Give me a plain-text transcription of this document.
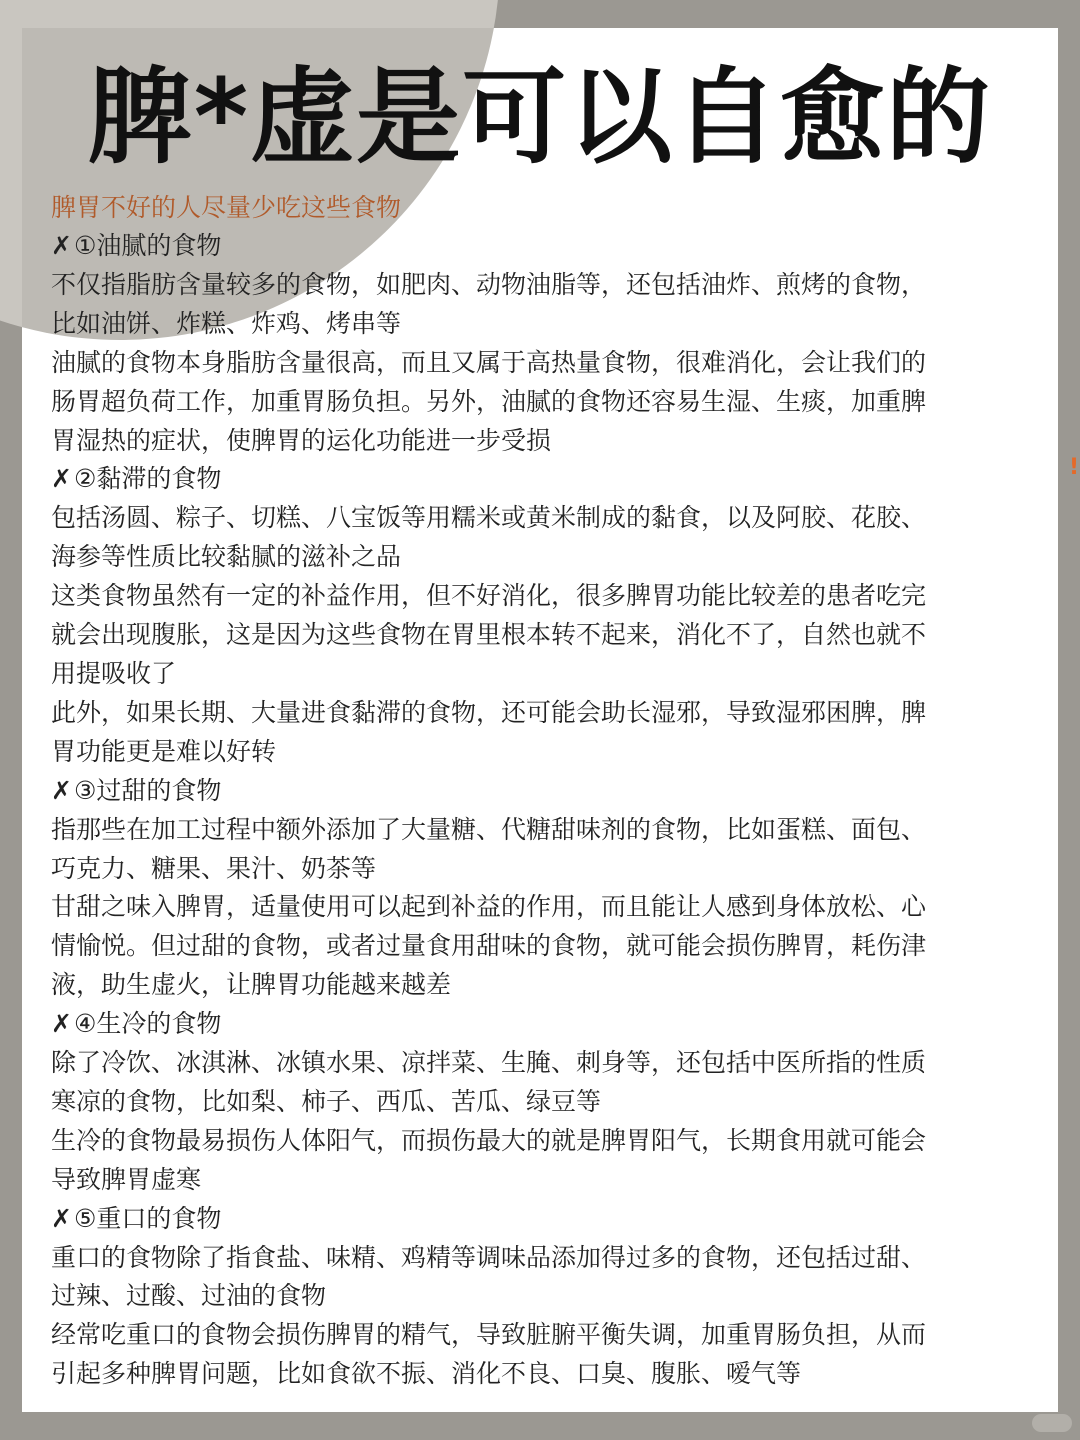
脾*虚是可以自愈的
脾胃不好的人尽量少吃这些食物
✗①油腻的食物
不仅指脂肪含量较多的食物，如肥肉、动物油脂等，还包括油炸、煎烤的食物，
比如油饼、炸糕、炸鸡、烤串等
油腻的食物本身脂肪含量很高，而且又属于高热量食物，很难消化，会让我们的
肠胃超负荷工作，加重胃肠负担。另外，油腻的食物还容易生湿、生痰，加重脾
胃湿热的症状，使脾胃的运化功能进一步受损
✗②黏滞的食物
包括汤圆、粽子、切糕、八宝饭等用糯米或黄米制成的黏食，以及阿胶、花胶、
海参等性质比较黏腻的滋补之品
这类食物虽然有一定的补益作用，但不好消化，很多脾胃功能比较差的患者吃完
就会出现腹胀，这是因为这些食物在胃里根本转不起来，消化不了，自然也就不
用提吸收了
此外，如果长期、大量进食黏滞的食物，还可能会助长湿邪，导致湿邪困脾，脾
胃功能更是难以好转
✗③过甜的食物
指那些在加工过程中额外添加了大量糖、代糖甜味剂的食物，比如蛋糕、面包、
巧克力、糖果、果汁、奶茶等
甘甜之味入脾胃，适量使用可以起到补益的作用，而且能让人感到身体放松、心
情愉悦。但过甜的食物，或者过量食用甜味的食物，就可能会损伤脾胃，耗伤津
液，助生虚火，让脾胃功能越来越差
✗④生冷的食物
除了冷饮、冰淇淋、冰镇水果、凉拌菜、生腌、刺身等，还包括中医所指的性质
寒凉的食物，比如梨、柿子、西瓜、苦瓜、绿豆等
生冷的食物最易损伤人体阳气，而损伤最大的就是脾胃阳气，长期食用就可能会
导致脾胃虚寒
✗⑤重口的食物
重口的食物除了指食盐、味精、鸡精等调味品添加得过多的食物，还包括过甜、
过辣、过酸、过油的食物
经常吃重口的食物会损伤脾胃的精气，导致脏腑平衡失调，加重胃肠负担，从而
引起多种脾胃问题，比如食欲不振、消化不良、口臭、腹胀、嗳气等
!
